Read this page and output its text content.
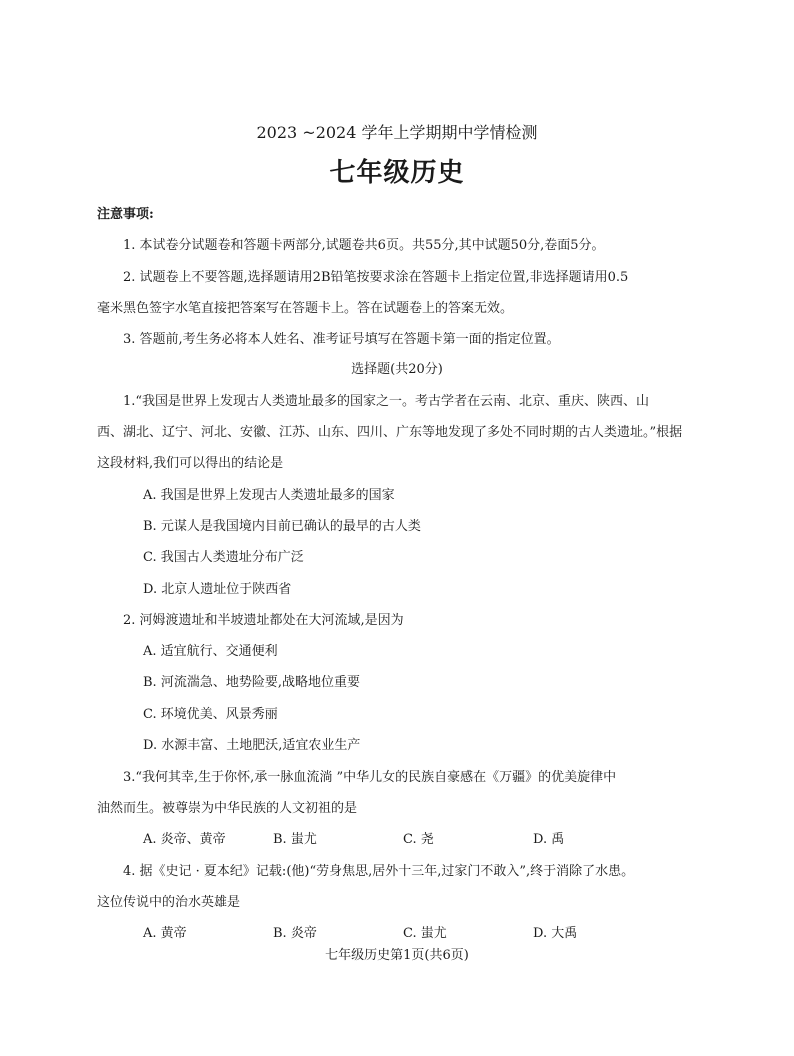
2023 ~2024 学年上学期期中学情检测
七年级历史
注意事项:
1. 本试卷分试题卷和答题卡两部分,试题卷共6页。共55分,其中试题50分,卷面5分。
2. 试题卷上不要答题,选择题请用2B铅笔按要求涂在答题卡上指定位置,非选择题请用0.5
毫米黑色签字水笔直接把答案写在答题卡上。答在试题卷上的答案无效。
3. 答题前,考生务必将本人姓名、准考证号填写在答题卡第一面的指定位置。
选择题(共20分)
1.“我国是世界上发现古人类遗址最多的国家之一。考古学者在云南、北京、重庆、陕西、山
西、湖北、辽宁、河北、安徽、江苏、山东、四川、广东等地发现了多处不同时期的古人类遗址。”根据
这段材料,我们可以得出的结论是
A. 我国是世界上发现古人类遗址最多的国家
B. 元谋人是我国境内目前已确认的最早的古人类
C. 我国古人类遗址分布广泛
D. 北京人遗址位于陕西省
2. 河姆渡遗址和半坡遗址都处在大河流域,是因为
A. 适宜航行、交通便利
B. 河流湍急、地势险要,战略地位重要
C. 环境优美、风景秀丽
D. 水源丰富、土地肥沃,适宜农业生产
3.“我何其幸,生于你怀,承一脉血流淌 ”中华儿女的民族自豪感在《万疆》的优美旋律中
油然而生。被尊崇为中华民族的人文初祖的是
A. 炎帝、黄帝	B. 蚩尤	C. 尧	D. 禹
4. 据《史记 · 夏本纪》记载:(他)“劳身焦思,居外十三年,过家门不敢入”,终于消除了水患。
这位传说中的治水英雄是
A. 黄帝	B. 炎帝	C. 蚩尤	D. 大禹
七年级历史第1页(共6页)
